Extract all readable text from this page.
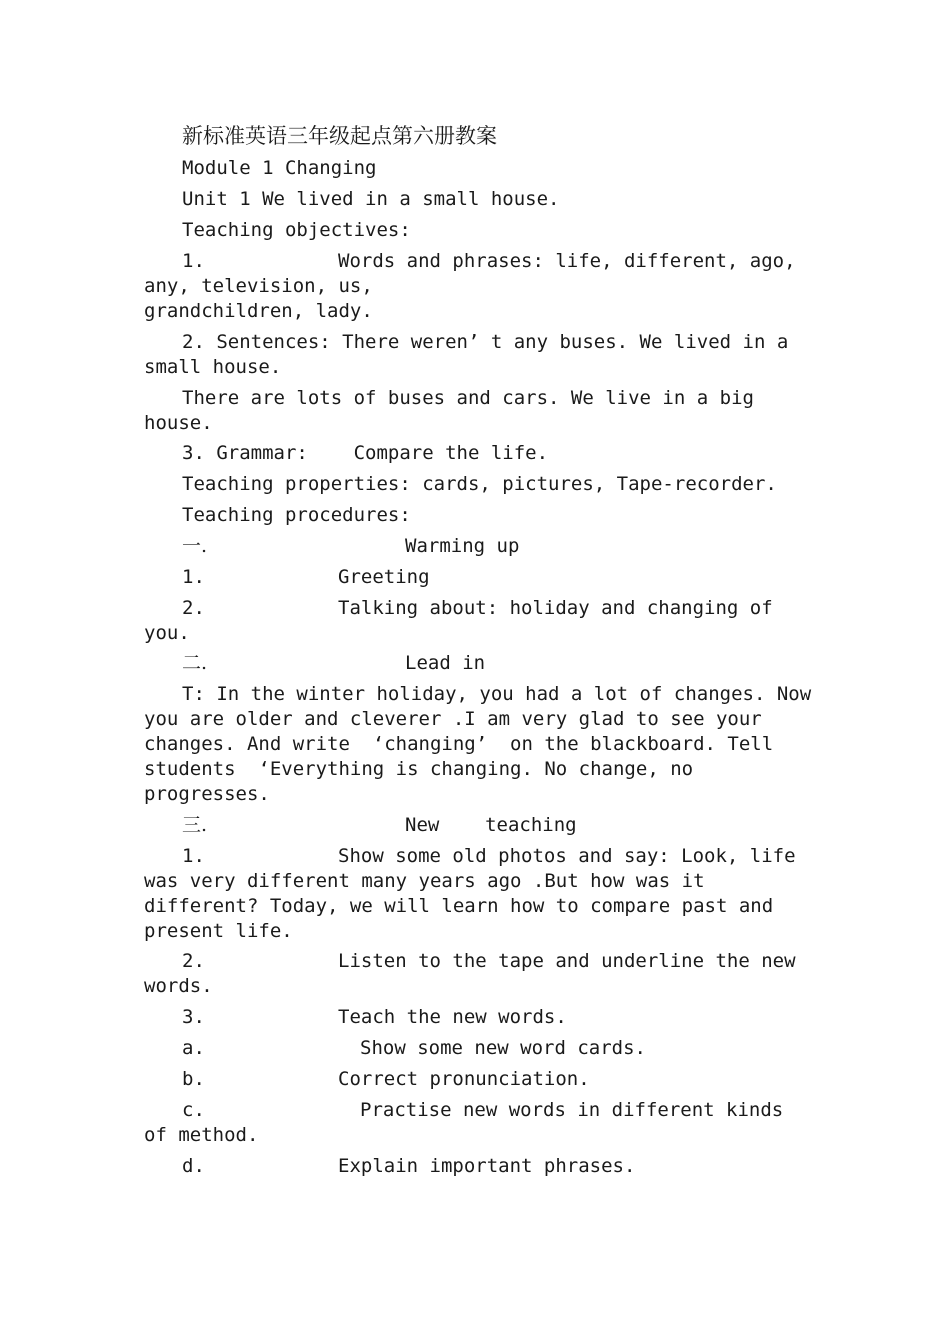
新标准英语三年级起点第六册教案
Module 1 Changing
Unit 1 We lived in a small house.
Teaching objectives:
1.	Words and phrases: life, different, ago,
any, television, us,
grandchildren, lady.
2. Sentences: There weren’ t any buses. We lived in a
small house.
There are lots of buses and cars. We live in a big
house.
3. Grammar:    Compare the life.
Teaching properties: cards, pictures, Tape-recorder.
Teaching procedures:
一.	Warming up
1.	Greeting
2.	Talking about: holiday and changing of
you.
二.	Lead in
T: In the winter holiday, you had a lot of changes. Now
you are older and cleverer .I am very glad to see your
changes. And write  ‘changing’  on the blackboard. Tell
students  ‘Everything is changing. No change, no
progresses.
三.	New    teaching
1.	Show some old photos and say: Look, life
was very different many years ago .But how was it
different? Today, we will learn how to compare past and
present life.
2.	Listen to the tape and underline the new
words.
3.	Teach the new words.
a.	Show some new word cards.
b.	Correct pronunciation.
c.	Practise new words in different kinds
of method.
d.	Explain important phrases.
